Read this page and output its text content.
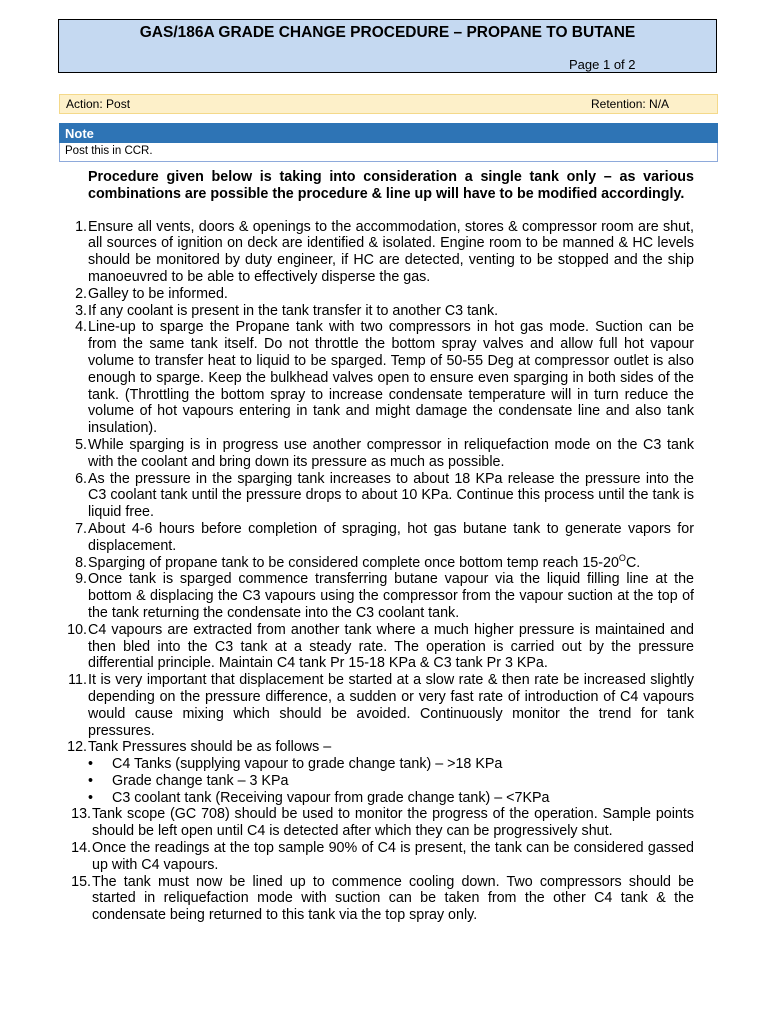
GAS/186A GRADE CHANGE PROCEDURE – PROPANE TO BUTANE
Page 1 of 2
Action: Post	Retention: N/A
Note
Post this in CCR.

Procedure given below is taking into consideration a single tank only – as various combinations are possible the procedure & line up will have to be modified accordingly.

1. Ensure all vents, doors & openings to the accommodation, stores & compressor room are shut, all sources of ignition on deck are identified & isolated. Engine room to be manned & HC levels should be monitored by duty engineer, if HC are detected, venting to be stopped and the ship manoeuvred to be able to effectively disperse the gas.
2. Galley to be informed.
3. If any coolant is present in the tank transfer it to another C3 tank.
4. Line-up to sparge the Propane tank with two compressors in hot gas mode. Suction can be from the same tank itself. Do not throttle the bottom spray valves and allow full hot vapour volume to transfer heat to liquid to be sparged. Temp of 50-55 Deg at compressor outlet is also enough to sparge. Keep the bulkhead valves open to ensure even sparging in both sides of the tank. (Throttling the bottom spray to increase condensate temperature will in turn reduce the volume of hot vapours entering in tank and might damage the condensate line and also tank insulation).
5. While sparging is in progress use another compressor in reliquefaction mode on the C3 tank with the coolant and bring down its pressure as much as possible.
6. As the pressure in the sparging tank increases to about 18 KPa release the pressure into the C3 coolant tank until the pressure drops to about 10 KPa. Continue this process until the tank is liquid free.
7. About 4-6 hours before completion of spraging, hot gas butane tank to generate vapors for displacement.
8. Sparging of propane tank to be considered complete once bottom temp reach $15-20^OC$.
9. Once tank is sparged commence transferring butane vapour via the liquid filling line at the bottom & displacing the C3 vapours using the compressor from the vapour suction at the top of the tank returning the condensate into the C3 coolant tank.
10. C4 vapours are extracted from another tank where a much higher pressure is maintained and then bled into the C3 tank at a steady rate. The operation is carried out by the pressure differential principle. Maintain C4 tank Pr 15-18 KPa & C3 tank Pr 3 KPa.
11. It is very important that displacement be started at a slow rate & then rate be increased slightly depending on the pressure difference, a sudden or very fast rate of introduction of C4 vapours would cause mixing which should be avoided. Continuously monitor the trend for tank pressures.
12. Tank Pressures should be as follows –
• C4 Tanks (supplying vapour to grade change tank) – >18 KPa
• Grade change tank – 3 KPa
• C3 coolant tank (Receiving vapour from grade change tank) – <7KPa
13. Tank scope (GC 708) should be used to monitor the progress of the operation. Sample points should be left open until C4 is detected after which they can be progressively shut.
14. Once the readings at the top sample 90% of C4 is present, the tank can be considered gassed up with C4 vapours.
15. The tank must now be lined up to commence cooling down. Two compressors should be started in reliquefaction mode with suction can be taken from the other C4 tank & the condensate being returned to this tank via the top spray only.
